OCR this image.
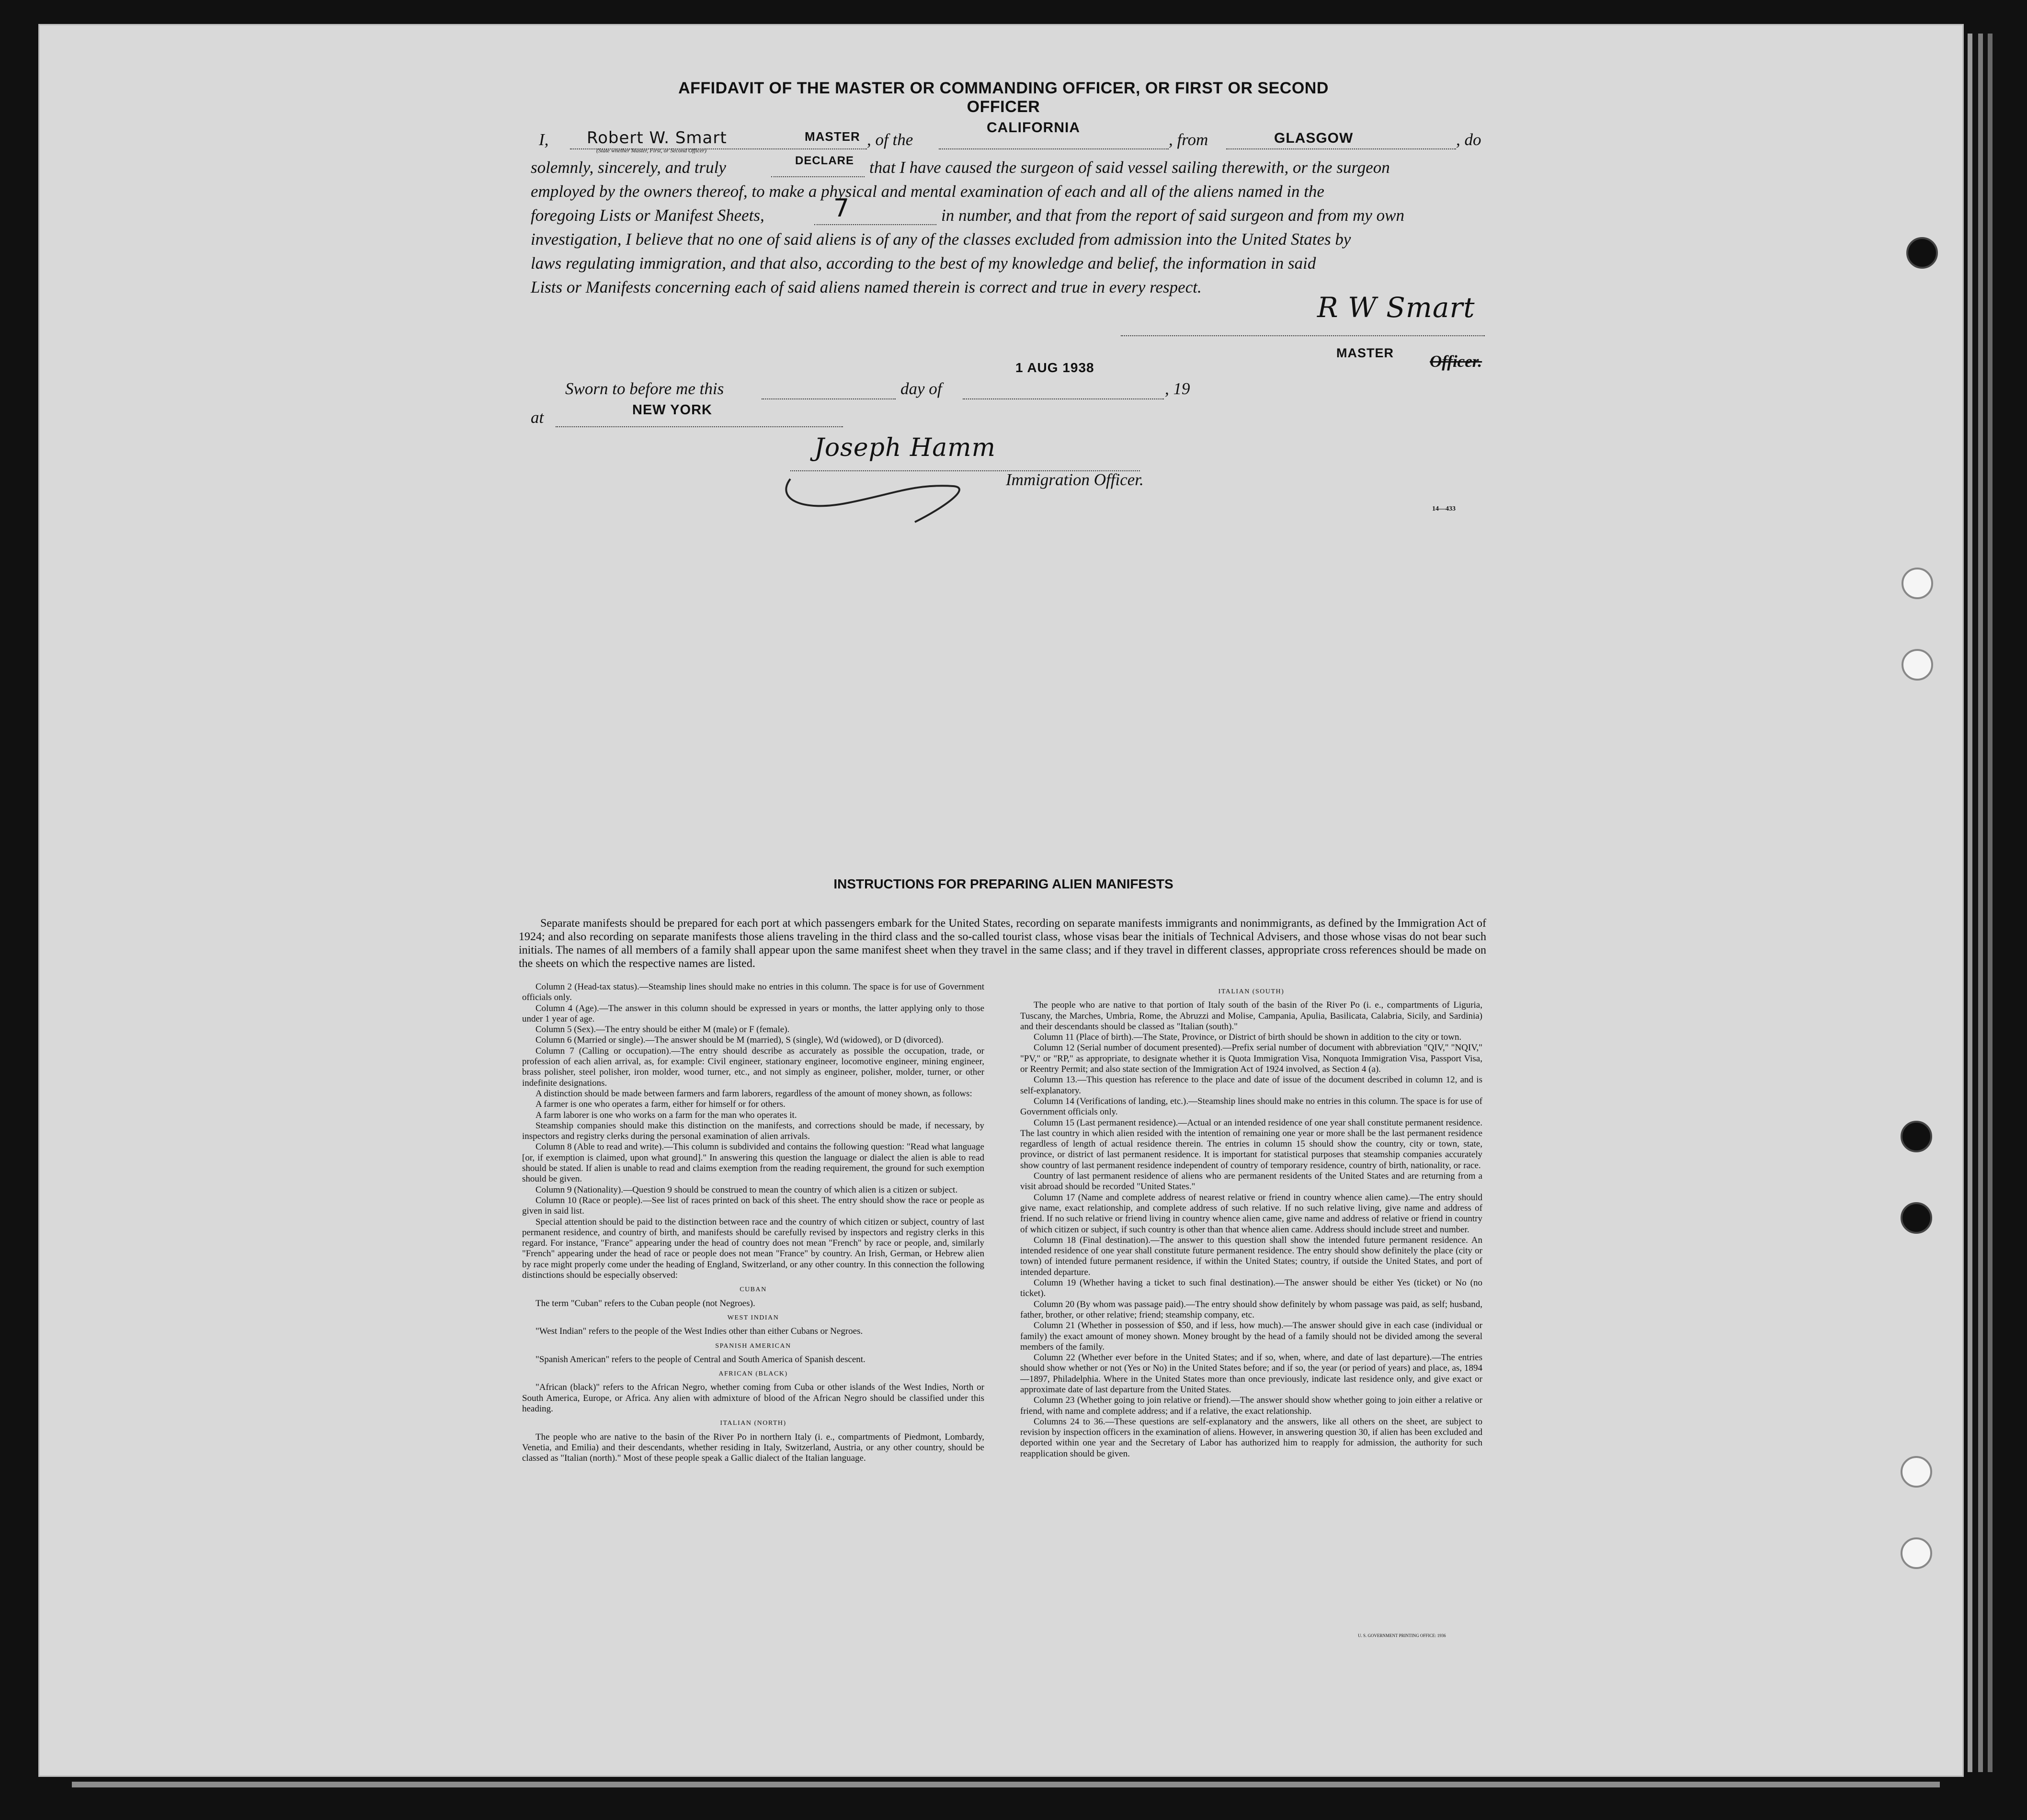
AFFIDAVIT OF THE MASTER OR COMMANDING OFFICER, OR FIRST OR SECOND OFFICER
I, Robert W. Smart	MASTER
(State whether Master, First, or Second Officer)
, of the
CALIFORNIA
, from	GLASGOW	, do
solemnly, sincerely, and truly	DECLARE that I have caused the surgeon of said vessel sailing therewith, or the surgeon
employed by the owners thereof, to make a physical and mental examination of each and all of the aliens named in the
foregoing Lists or Manifest Sheets,	7	in number, and that from the report of said surgeon and from my own
investigation, I believe that no one of said aliens is of any of the classes excluded from admission into the United States by
laws regulating immigration, and that also, according to the best of my knowledge and belief, the information in said
Lists or Manifests concerning each of said aliens named therein is correct and true in every respect.
R W Smart
MASTER Officer.
Sworn to before me this	day of
1 AUG 1938
, 19
at	NEW YORK
Joseph Hamm
Immigration Officer.
14—433
INSTRUCTIONS FOR PREPARING ALIEN MANIFESTS

Separate manifests should be prepared for each port at which passengers embark for the United States, recording on separate manifests immigrants and nonimmigrants, as defined by the Immigration Act of 1924; and also recording on separate manifests those aliens traveling in the third class and the so-called tourist class, whose visas bear the initials of Technical Advisers, and those whose visas do not bear such initials. The names of all members of a family shall appear upon the same manifest sheet when they travel in the same class; and if they travel in different classes, appropriate cross references should be made on the sheets on which the respective names are listed.

Column 2 (Head-tax status).—Steamship lines should make no entries in this column. The space is for use of Government officials only.

Column 4 (Age).—The answer in this column should be expressed in years or months, the latter applying only to those under 1 year of age.

Column 5 (Sex).—The entry should be either M (male) or F (female).

Column 6 (Married or single).—The answer should be M (married), S (single), Wd (widowed), or D (divorced).

Column 7 (Calling or occupation).—The entry should describe as accurately as possible the occupation, trade, or profession of each alien arrival, as, for example: Civil engineer, stationary engineer, locomotive engineer, mining engineer, brass polisher, steel polisher, iron molder, wood turner, etc., and not simply as engineer, polisher, molder, turner, or other indefinite designations.

A distinction should be made between farmers and farm laborers, regardless of the amount of money shown, as follows:

A farmer is one who operates a farm, either for himself or for others.

A farm laborer is one who works on a farm for the man who operates it.

Steamship companies should make this distinction on the manifests, and corrections should be made, if necessary, by inspectors and registry clerks during the personal examination of alien arrivals.

Column 8 (Able to read and write).—This column is subdivided and contains the following question: "Read what language [or, if exemption is claimed, upon what ground]." In answering this question the language or dialect the alien is able to read should be stated. If alien is unable to read and claims exemption from the reading requirement, the ground for such exemption should be given.

Column 9 (Nationality).—Question 9 should be construed to mean the country of which alien is a citizen or subject.

Column 10 (Race or people).—See list of races printed on back of this sheet. The entry should show the race or people as given in said list.

Special attention should be paid to the distinction between race and the country of which citizen or subject, country of last permanent residence, and country of birth, and manifests should be carefully revised by inspectors and registry clerks in this regard. For instance, "France" appearing under the head of country does not mean "French" by race or people, and, similarly "French" appearing under the head of race or people does not mean "France" by country. An Irish, German, or Hebrew alien by race might properly come under the heading of England, Switzerland, or any other country. In this connection the following distinctions should be especially observed:

CUBAN

The term "Cuban" refers to the Cuban people (not Negroes).

WEST INDIAN

"West Indian" refers to the people of the West Indies other than either Cubans or Negroes.

SPANISH AMERICAN

"Spanish American" refers to the people of Central and South America of Spanish descent.

AFRICAN (BLACK)

"African (black)" refers to the African Negro, whether coming from Cuba or other islands of the West Indies, North or South America, Europe, or Africa. Any alien with admixture of blood of the African Negro should be classified under this heading.

ITALIAN (NORTH)

The people who are native to the basin of the River Po in northern Italy (i. e., compartments of Piedmont, Lombardy, Venetia, and Emilia) and their descendants, whether residing in Italy, Switzerland, Austria, or any other country, should be classed as "Italian (north)." Most of these people speak a Gallic dialect of the Italian language.

ITALIAN (SOUTH)

The people who are native to that portion of Italy south of the basin of the River Po (i. e., compartments of Liguria, Tuscany, the Marches, Umbria, Rome, the Abruzzi and Molise, Campania, Apulia, Basilicata, Calabria, Sicily, and Sardinia) and their descendants should be classed as "Italian (south)."

Column 11 (Place of birth).—The State, Province, or District of birth should be shown in addition to the city or town.

Column 12 (Serial number of document presented).—Prefix serial number of document with abbreviation "QIV," "NQIV," "PV," or "RP," as appropriate, to designate whether it is Quota Immigration Visa, Nonquota Immigration Visa, Passport Visa, or Reentry Permit; and also state section of the Immigration Act of 1924 involved, as Section 4 (a).

Column 13.—This question has reference to the place and date of issue of the document described in column 12, and is self-explanatory.

Column 14 (Verifications of landing, etc.).—Steamship lines should make no entries in this column. The space is for use of Government officials only.

Column 15 (Last permanent residence).—Actual or an intended residence of one year shall constitute permanent residence. The last country in which alien resided with the intention of remaining one year or more shall be the last permanent residence regardless of length of actual residence therein. The entries in column 15 should show the country, city or town, state, province, or district of last permanent residence. It is important for statistical purposes that steamship companies accurately show country of last permanent residence independent of country of temporary residence, country of birth, nationality, or race.

Country of last permanent residence of aliens who are permanent residents of the United States and are returning from a visit abroad should be recorded "United States."

Column 17 (Name and complete address of nearest relative or friend in country whence alien came).—The entry should give name, exact relationship, and complete address of such relative. If no such relative living, give name and address of friend. If no such relative or friend living in country whence alien came, give name and address of relative or friend in country of which citizen or subject, if such country is other than that whence alien came. Address should include street and number.

Column 18 (Final destination).—The answer to this question shall show the intended future permanent residence. An intended residence of one year shall constitute future permanent residence. The entry should show definitely the place (city or town) of intended future permanent residence, if within the United States; country, if outside the United States, and port of intended departure.

Column 19 (Whether having a ticket to such final destination).—The answer should be either Yes (ticket) or No (no ticket).

Column 20 (By whom was passage paid).—The entry should show definitely by whom passage was paid, as self; husband, father, brother, or other relative; friend; steamship company, etc.

Column 21 (Whether in possession of $50, and if less, how much).—The answer should give in each case (individual or family) the exact amount of money shown. Money brought by the head of a family should not be divided among the several members of the family.

Column 22 (Whether ever before in the United States; and if so, when, where, and date of last departure).—The entries should show whether or not (Yes or No) in the United States before; and if so, the year (or period of years) and place, as, 1894—1897, Philadelphia. Where in the United States more than once previously, indicate last residence only, and give exact or approximate date of last departure from the United States.

Column 23 (Whether going to join relative or friend).—The answer should show whether going to join either a relative or friend, with name and complete address; and if a relative, the exact relationship.

Columns 24 to 36.—These questions are self-explanatory and the answers, like all others on the sheet, are subject to revision by inspection officers in the examination of aliens. However, in answering question 30, if alien has been excluded and deported within one year and the Secretary of Labor has authorized him to reapply for admission, the authority for such reapplication should be given.

U. S. GOVERNMENT PRINTING OFFICE: 1936
